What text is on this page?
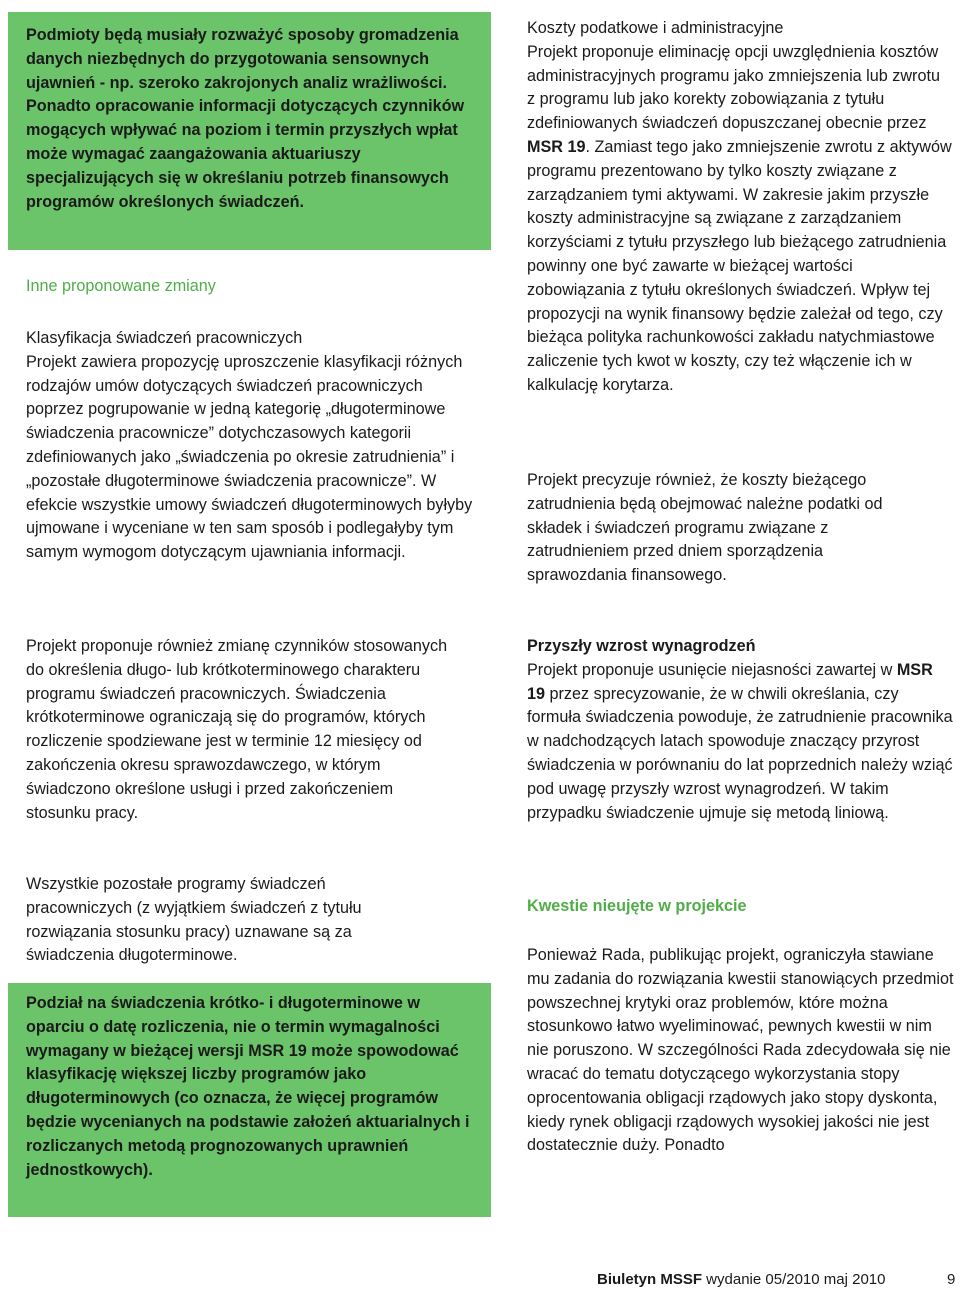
Podmioty będą musiały rozważyć sposoby gromadzenia danych niezbędnych do przygotowania sensownych ujawnień - np. szeroko zakrojonych analiz wrażliwości. Ponadto opracowanie informacji dotyczących czynników mogących wpływać na poziom i termin przyszłych wpłat może wymagać zaangażowania aktuariuszy specjalizujących się w określaniu potrzeb finansowych programów określonych świadczeń.

Inne proponowane zmiany

Klasyfikacja świadczeń pracowniczych

Projekt zawiera propozycję uproszczenie klasyfikacji różnych rodzajów umów dotyczących świadczeń pracowniczych poprzez pogrupowanie w jedną kategorię „długoterminowe świadczenia pracownicze” dotychczasowych kategorii zdefiniowanych jako „świadczenia po okresie zatrudnienia” i „pozostałe długoterminowe świadczenia pracownicze”. W efekcie wszystkie umowy świadczeń długoterminowych byłyby ujmowane i wyceniane w ten sam sposób i podlegałyby tym samym wymogom dotyczącym ujawniania informacji.

Projekt proponuje również zmianę czynników stosowanych do określenia długo- lub krótkoterminowego charakteru programu świadczeń pracowniczych. Świadczenia krótkoterminowe ograniczają się do programów, których rozliczenie spodziewane jest w terminie 12 miesięcy od zakończenia okresu sprawozdawczego, w którym świadczono określone usługi i przed zakończeniem stosunku pracy.

Wszystkie pozostałe programy świadczeń pracowniczych (z wyjątkiem świadczeń z tytułu rozwiązania stosunku pracy) uznawane są za świadczenia długoterminowe.

Podział na świadczenia krótko- i długoterminowe w oparciu o datę rozliczenia, nie o termin wymagalności wymagany w bieżącej wersji MSR 19 może spowodować klasyfikację większej liczby programów jako długoterminowych (co oznacza, że więcej programów będzie wycenianych na podstawie założeń aktuarialnych i rozliczanych metodą prognozowanych uprawnień jednostkowych).

Koszty podatkowe i administracyjne

Projekt proponuje eliminację opcji uwzględnienia kosztów administracyjnych programu jako zmniejszenia lub zwrotu z programu lub jako korekty zobowiązania z tytułu zdefiniowanych świadczeń dopuszczanej obecnie przez MSR 19. Zamiast tego jako zmniejszenie zwrotu z aktywów programu prezentowano by tylko koszty związane z zarządzaniem tymi aktywami. W zakresie jakim przyszłe koszty administracyjne są związane z zarządzaniem korzyściami z tytułu przyszłego lub bieżącego zatrudnienia powinny one być zawarte w bieżącej wartości zobowiązania z tytułu określonych świadczeń. Wpływ tej propozycji na wynik finansowy będzie zależał od tego, czy bieżąca polityka rachunkowości zakładu natychmiastowe zaliczenie tych kwot w koszty, czy też włączenie ich w kalkulację korytarza.

Projekt precyzuje również, że koszty bieżącego zatrudnienia będą obejmować należne podatki od składek i świadczeń programu związane z zatrudnieniem przed dniem sporządzenia sprawozdania finansowego.

Przyszły wzrost wynagrodzeń

Projekt proponuje usunięcie niejasności zawartej w MSR 19 przez sprecyzowanie, że w chwili określania, czy formuła świadczenia powoduje, że zatrudnienie pracownika w nadchodzących latach spowoduje znaczący przyrost świadczenia w porównaniu do lat poprzednich należy wziąć pod uwagę przyszły wzrost wynagrodzeń. W takim przypadku świadczenie ujmuje się metodą liniową.

Kwestie nieujęte w projekcie

Ponieważ Rada, publikując projekt, ograniczyła stawiane mu zadania do rozwiązania kwestii stanowiących przedmiot powszechnej krytyki oraz problemów, które można stosunkowo łatwo wyeliminować, pewnych kwestii w nim nie poruszono. W szczególności Rada zdecydowała się nie wracać do tematu dotyczącego wykorzystania stopy oprocentowania obligacji rządowych jako stopy dyskonta, kiedy rynek obligacji rządowych wysokiej jakości nie jest dostatecznie duży. Ponadto

Biuletyn MSSF wydanie 05/2010 maj 2010	9
